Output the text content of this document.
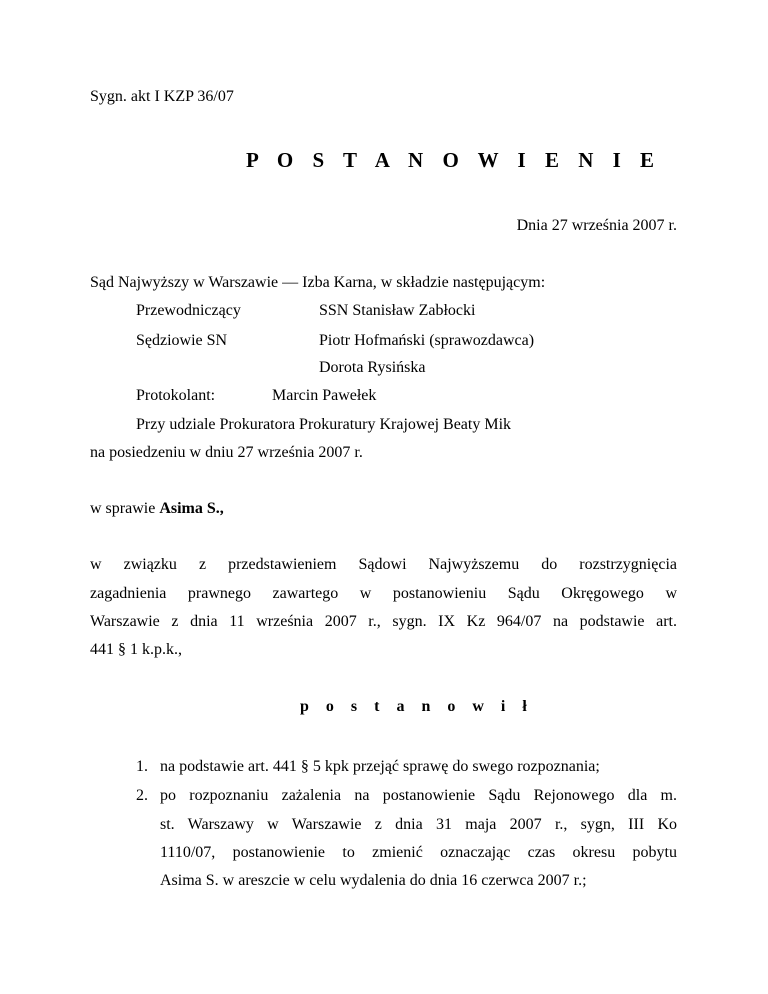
Sygn. akt I KZP 36/07
P O S T A N O W I E N I E
Dnia 27 września 2007 r.
Sąd Najwyższy w Warszawie — Izba Karna, w składzie następującym:
Przewodniczący	SSN Stanisław Zabłocki
Sędziowie SN	Piotr Hofmański (sprawozdawca)
Dorota Rysińska
Protokolant:	Marcin Pawełek
Przy udziale Prokuratora Prokuratury Krajowej Beaty Mik
na posiedzeniu w dniu 27 września 2007 r.
w sprawie Asima S.,
w związku z przedstawieniem Sądowi Najwyższemu do rozstrzygnięcia
zagadnienia prawnego zawartego w postanowieniu Sądu Okręgowego w
Warszawie z dnia 11 września 2007 r., sygn. IX Kz 964/07 na podstawie art.
441 § 1 k.p.k.,
p o s t a n o w i ł
1. na podstawie art. 441 § 5 kpk przejąć sprawę do swego rozpoznania;
2. po rozpoznaniu zażalenia na postanowienie Sądu Rejonowego dla m.
st. Warszawy w Warszawie z dnia 31 maja 2007 r., sygn, III Ko
1110/07, postanowienie to zmienić oznaczając czas okresu pobytu
Asima S. w areszcie w celu wydalenia do dnia 16 czerwca 2007 r.;
